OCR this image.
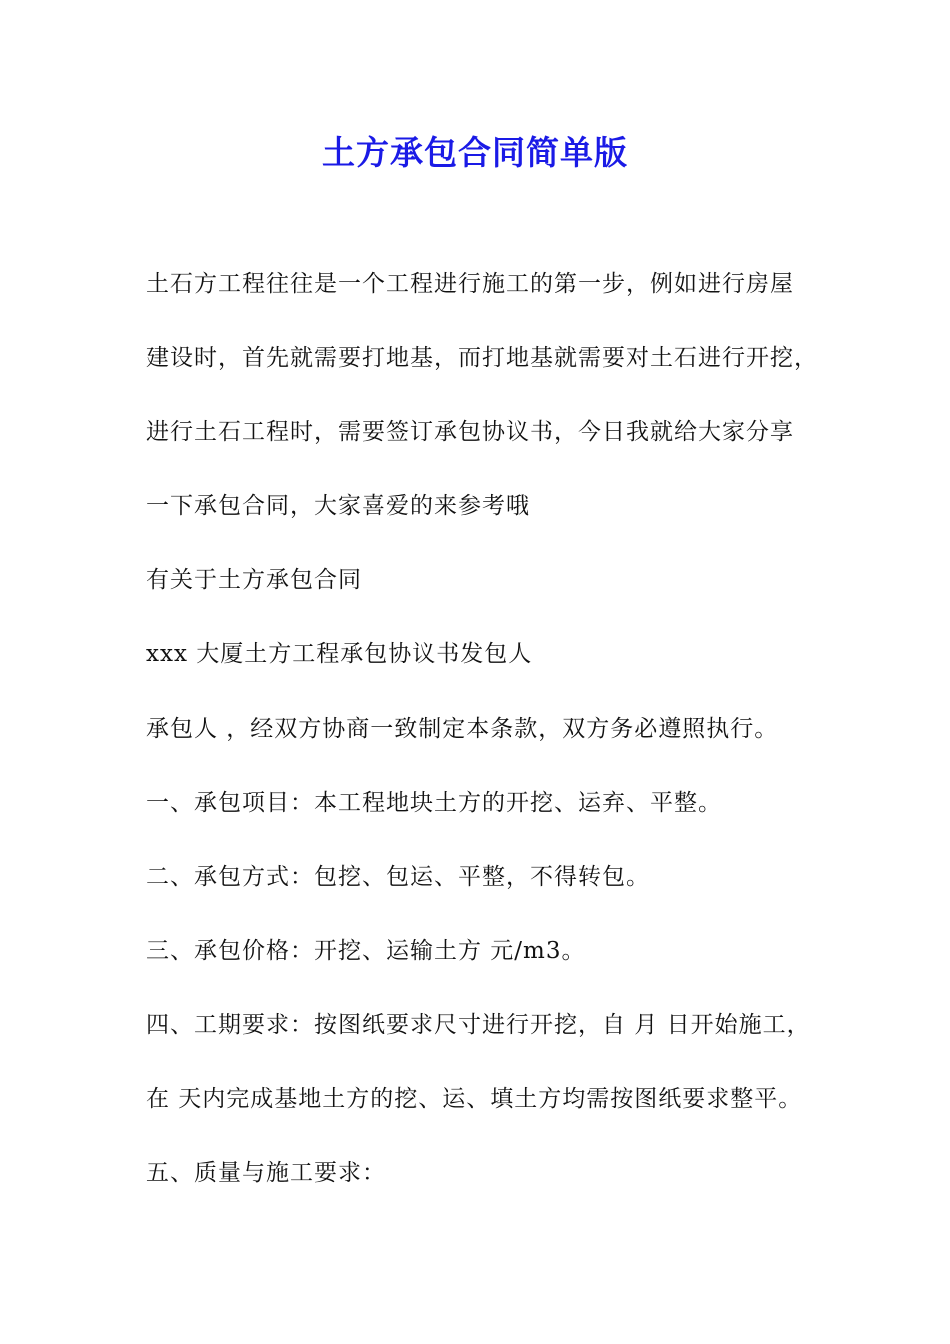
土方承包合同简单版
土石方工程往往是一个工程进行施工的第一步，例如进行房屋
建设时，首先就需要打地基，而打地基就需要对土石进行开挖，
进行土石工程时，需要签订承包协议书，今日我就给大家分享
一下承包合同，大家喜爱的来参考哦
有关于土方承包合同
xxx 大厦土方工程承包协议书发包人
承包人 ，经双方协商一致制定本条款，双方务必遵照执行。
一、承包项目：本工程地块土方的开挖、运弃、平整。
二、承包方式：包挖、包运、平整，不得转包。
三、承包价格：开挖、运输土方 元/m3。
四、工期要求：按图纸要求尺寸进行开挖，自 月 日开始施工，
在 天内完成基地土方的挖、运、填土方均需按图纸要求整平。
五、质量与施工要求：
